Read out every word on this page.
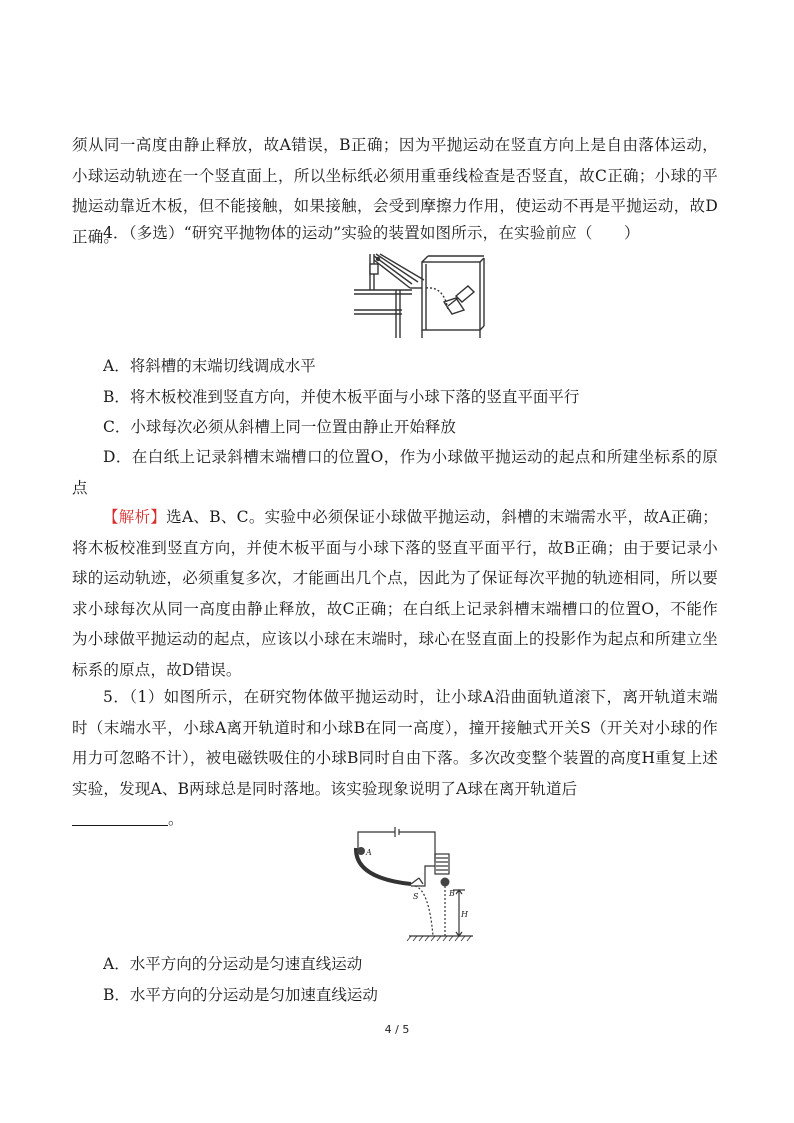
须从同一高度由静止释放，故A错误，B正确；因为平抛运动在竖直方向上是自由落体运动，小球运动轨迹在一个竖直面上，所以坐标纸必须用重垂线检查是否竖直，故C正确；小球的平抛运动靠近木板，但不能接触，如果接触，会受到摩擦力作用，使运动不再是平抛运动，故D正确。

4．（多选）“研究平抛物体的运动”实验的装置如图所示，在实验前应（　　）

A．将斜槽的末端切线调成水平

B．将木板校准到竖直方向，并使木板平面与小球下落的竖直平面平行

C．小球每次必须从斜槽上同一位置由静止开始释放

D．在白纸上记录斜槽末端槽口的位置O，作为小球做平抛运动的起点和所建坐标系的原点

【解析】选A、B、C。实验中必须保证小球做平抛运动，斜槽的末端需水平，故A正确；将木板校准到竖直方向，并使木板平面与小球下落的竖直平面平行，故B正确；由于要记录小球的运动轨迹，必须重复多次，才能画出几个点，因此为了保证每次平抛的轨迹相同，所以要求小球每次从同一高度由静止释放，故C正确；在白纸上记录斜槽末端槽口的位置O，不能作为小球做平抛运动的起点，应该以小球在末端时，球心在竖直面上的投影作为起点和所建立坐标系的原点，故D错误。

5．（1）如图所示，在研究物体做平抛运动时，让小球A沿曲面轨道滚下，离开轨道末端时（末端水平，小球A离开轨道时和小球B在同一高度），撞开接触式开关S（开关对小球的作用力可忽略不计），被电磁铁吸住的小球B同时自由下落。多次改变整个装置的高度H重复上述实验，发现A、B两球总是同时落地。该实验现象说明了A球在离开轨道后
。

A
B
S
H

A．水平方向的分运动是匀速直线运动

B．水平方向的分运动是匀加速直线运动

4 / 5
